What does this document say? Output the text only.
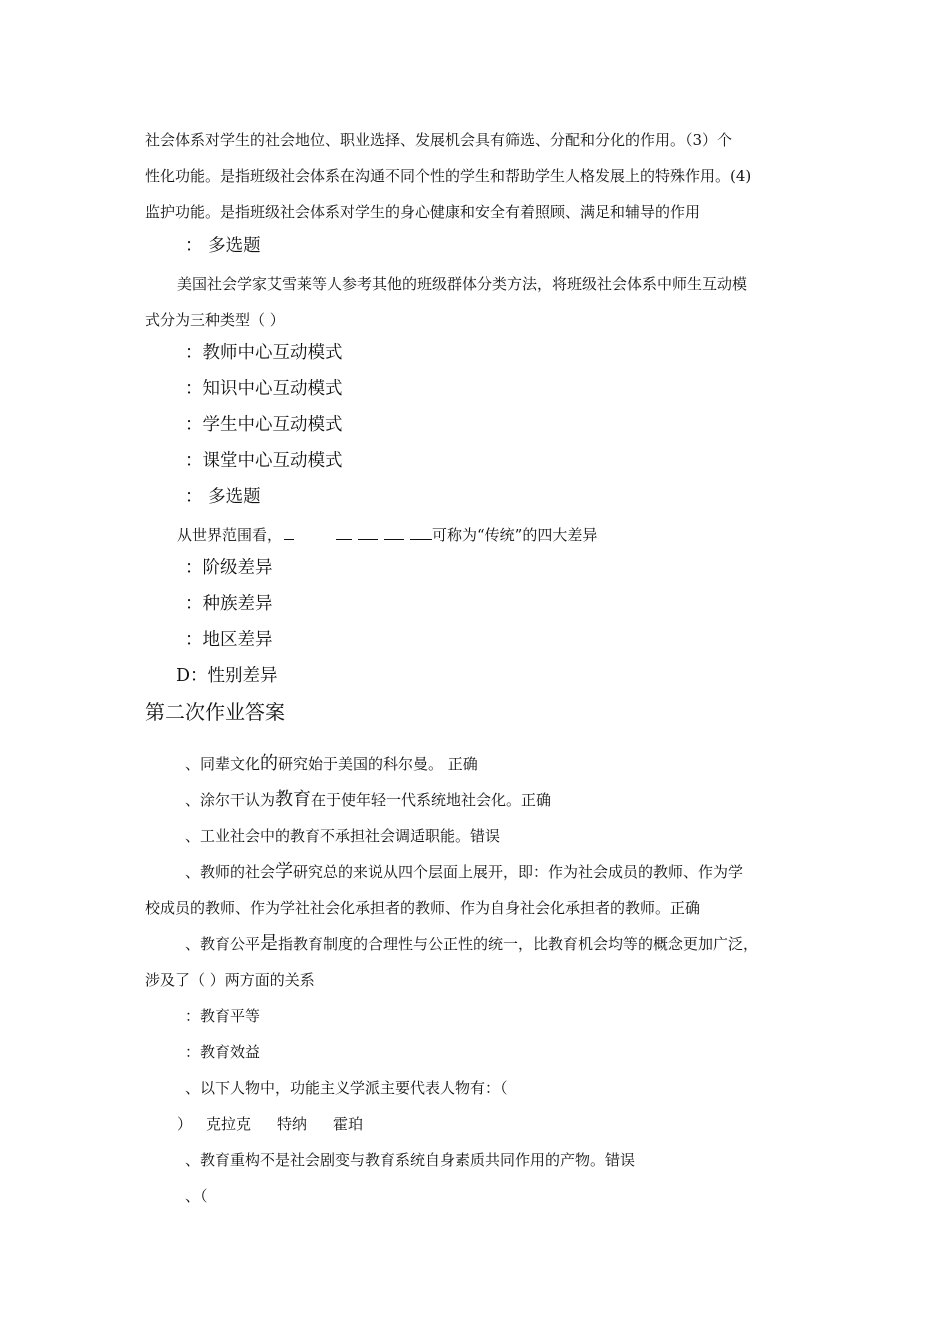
社会体系对学生的社会地位、职业选择、发展机会具有筛选、分配和分化的作用。（3）个
性化功能。是指班级社会体系在沟通不同个性的学生和帮助学生人格发展上的特殊作用。(4)
监护功能。是指班级社会体系对学生的身心健康和安全有着照顾、满足和辅导的作用
： 多选题
美国社会学家艾雪莱等人参考其他的班级群体分类方法，将班级社会体系中师生互动模
式分为三种类型（ ）
：教师中心互动模式
：知识中心互动模式
：学生中心互动模式
：课堂中心互动模式
： 多选题
从世界范围看，	可称为“传统”的四大差异
：阶级差异
：种族差异
：地区差异
D：性别差异
第二次作业答案
、同辈文化的研究始于美国的科尔曼。 正确
、涂尔干认为教育在于使年轻一代系统地社会化。正确
、工业社会中的教育不承担社会调适职能。错误
、教师的社会学研究总的来说从四个层面上展开，即：作为社会成员的教师、作为学
校成员的教师、作为学社社会化承担者的教师、作为自身社会化承担者的教师。正确
、教育公平是指教育制度的合理性与公正性的统一，比教育机会均等的概念更加广泛，
涉及了（ ）两方面的关系
：教育平等
：教育效益
、以下人物中，功能主义学派主要代表人物有：（
） 克拉克 特纳 霍珀
、教育重构不是社会剧变与教育系统自身素质共同作用的产物。错误
、（
